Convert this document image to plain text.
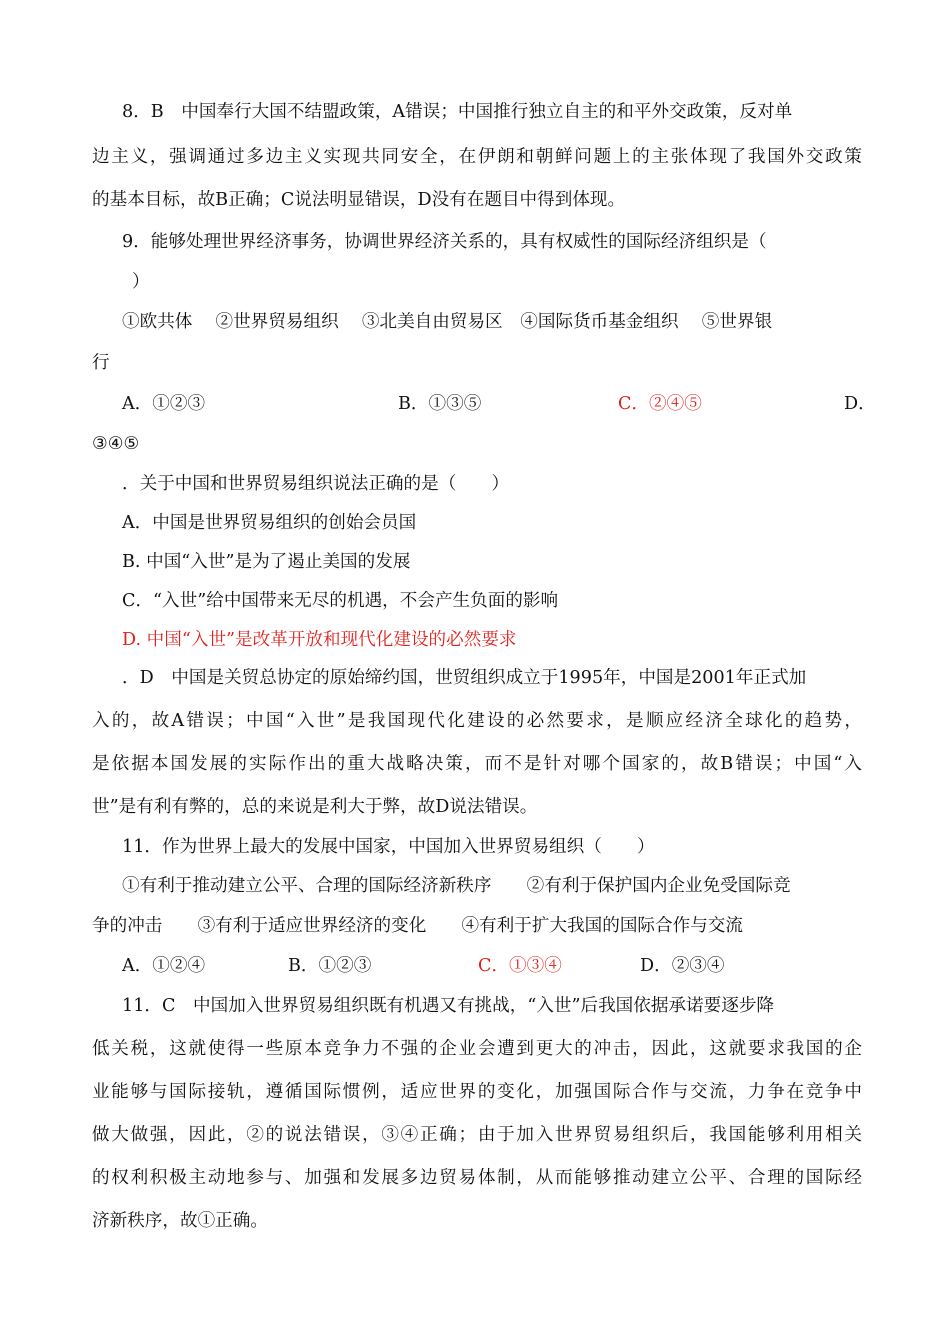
8．B　中国奉行大国不结盟政策，A错误；中国推行独立自主的和平外交政策，反对单
边主义，强调通过多边主义实现共同安全，在伊朗和朝鲜问题上的主张体现了我国外交政策
的基本目标，故B正确；C说法明显错误，D没有在题目中得到体现。
9．能够处理世界经济事务，协调世界经济关系的，具有权威性的国际经济组织是（
）
①欧共体　 ②世界贸易组织　 ③北美自由贸易区　④国际货币基金组织　 ⑤世界银
行
A．①②③	B．①③⑤	C．②④⑤	D．
③④⑤
．关于中国和世界贸易组织说法正确的是（　　）
A．中国是世界贸易组织的创始会员国
B. 中国“入世”是为了遏止美国的发展
C．“入世”给中国带来无尽的机遇，不会产生负面的影响
D. 中国“入世”是改革开放和现代化建设的必然要求
．D　中国是关贸总协定的原始缔约国，世贸组织成立于1995年，中国是2001年正式加
入的，故A错误；中国“入世”是我国现代化建设的必然要求，是顺应经济全球化的趋势，
是依据本国发展的实际作出的重大战略决策，而不是针对哪个国家的，故B错误；中国“入
世”是有利有弊的，总的来说是利大于弊，故D说法错误。
11．作为世界上最大的发展中国家，中国加入世界贸易组织（　　）
①有利于推动建立公平、合理的国际经济新秩序　　②有利于保护国内企业免受国际竞
争的冲击　　③有利于适应世界经济的变化　　④有利于扩大我国的国际合作与交流
A．①②④	B．①②③	C．①③④	D．②③④
11．C　中国加入世界贸易组织既有机遇又有挑战，“入世”后我国依据承诺要逐步降
低关税，这就使得一些原本竞争力不强的企业会遭到更大的冲击，因此，这就要求我国的企
业能够与国际接轨，遵循国际惯例，适应世界的变化，加强国际合作与交流，力争在竞争中
做大做强，因此，②的说法错误，③④正确；由于加入世界贸易组织后，我国能够利用相关
的权利积极主动地参与、加强和发展多边贸易体制，从而能够推动建立公平、合理的国际经
济新秩序，故①正确。
